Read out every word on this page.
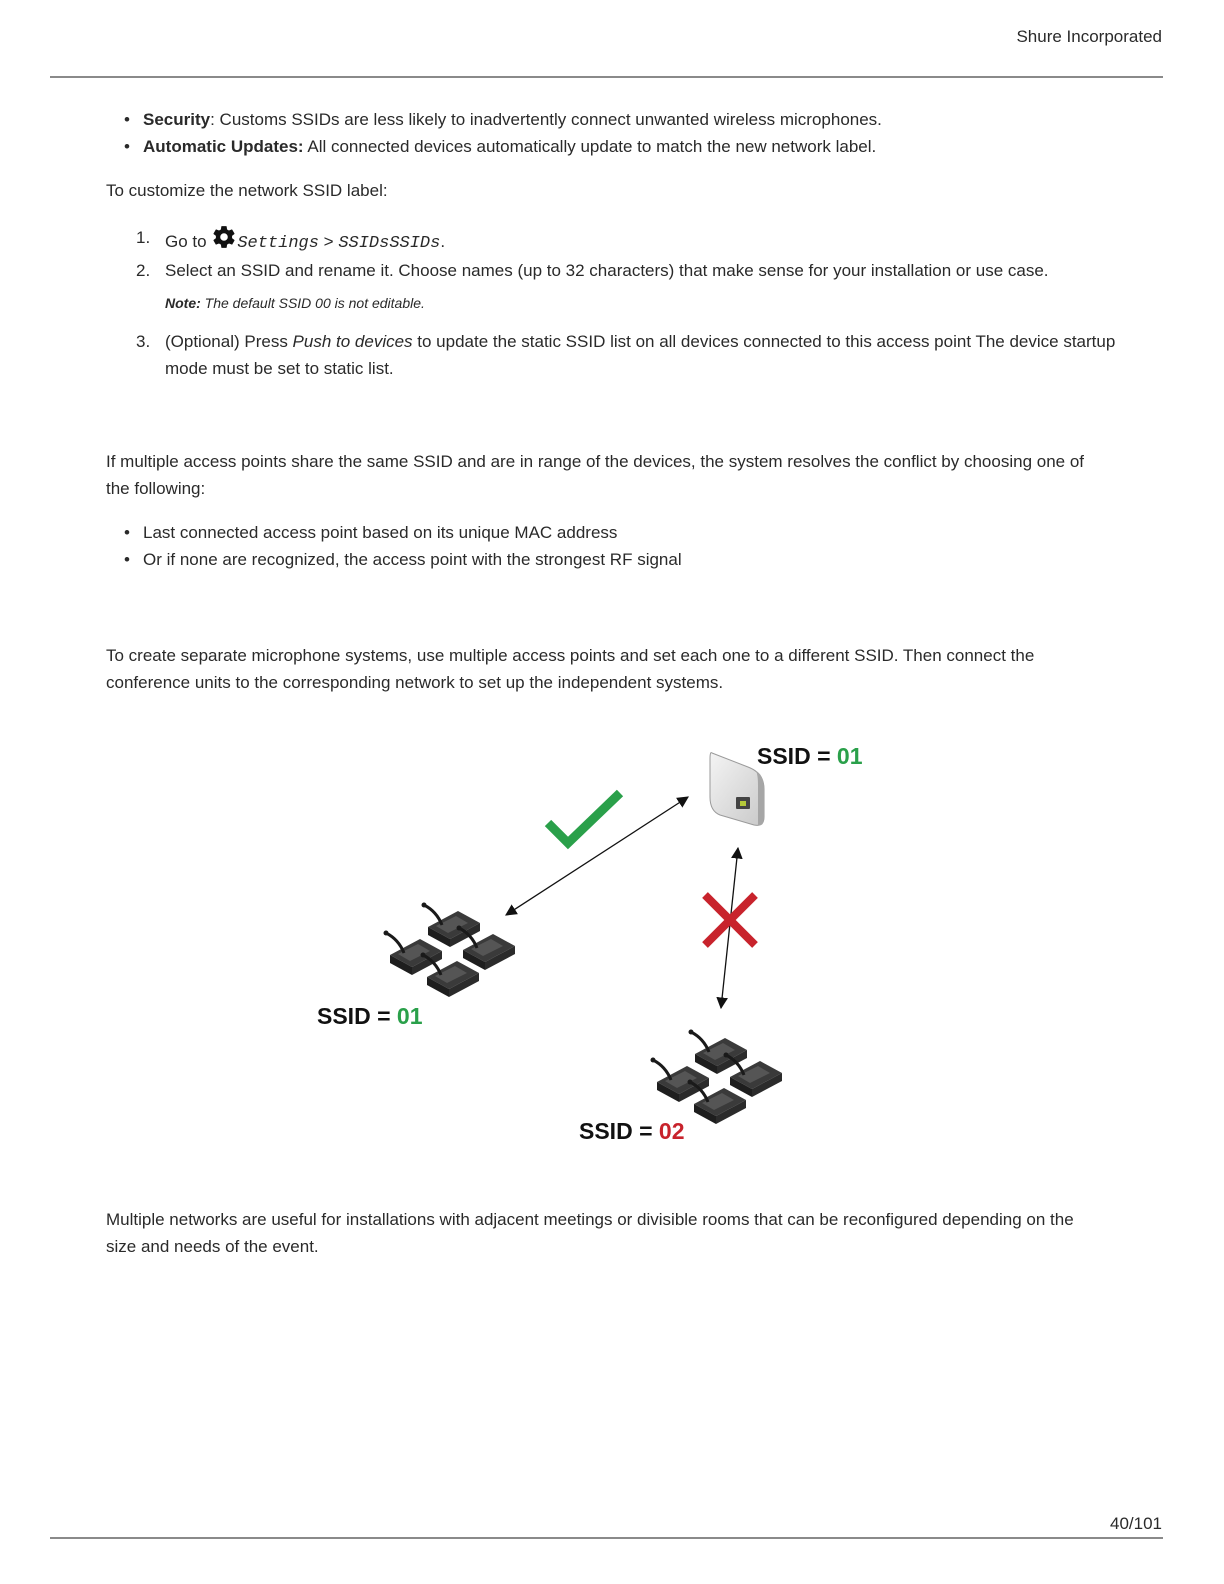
Shure Incorporated
• Security: Customs SSIDs are less likely to inadvertently connect unwanted wireless microphones.
• Automatic Updates: All connected devices automatically update to match the new network label.
To customize the network SSID label:
1. Go to Settings > SSIDsSSIDs.
2. Select an SSID and rename it. Choose names (up to 32 characters) that make sense for your installation or use case.
Note: The default SSID 00 is not editable.
3. (Optional) Press Push to devices to update the static SSID list on all devices connected to this access point The device startup mode must be set to static list.
If multiple access points share the same SSID and are in range of the devices, the system resolves the conflict by choosing one of the following:
• Last connected access point based on its unique MAC address
• Or if none are recognized, the access point with the strongest RF signal
To create separate microphone systems, use multiple access points and set each one to a different SSID. Then connect the conference units to the corresponding network to set up the independent systems.
SSID = 01
SSID = 01
SSID = 02
Multiple networks are useful for installations with adjacent meetings or divisible rooms that can be reconfigured depending on the size and needs of the event.
40/101
